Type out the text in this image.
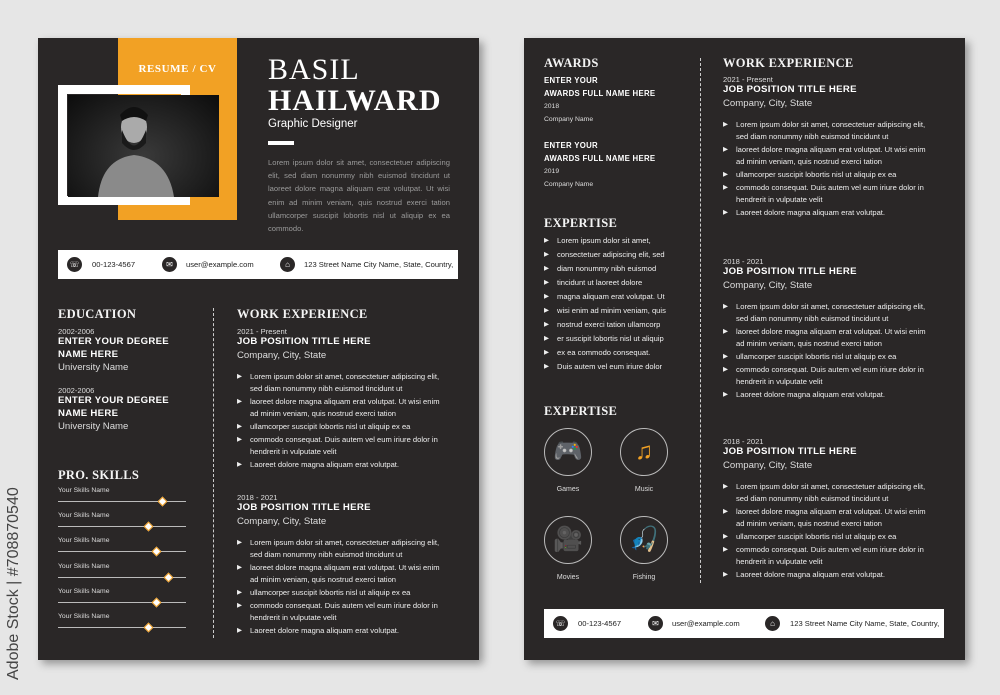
Adobe Stock | #708870540
RESUME / CV	BASIL
HAILWARD
Graphic Designer
Lorem ipsum dolor sit amet, consectetuer adipiscing elit, sed diam nonummy nibh euismod tincidunt ut laoreet dolore magna aliquam erat volutpat. Ut wisi enim ad minim veniam, quis nostrud exerci tation ullamcorper suscipit lobortis nisl ut aliquip ex ea commodo.
☏	00-123-4567	✉	user@example.com	⌂	123 Street Name City Name, State, Country,
EDUCATION
2002-2006
ENTER YOUR DEGREE
NAME HERE
University Name
2002-2006
ENTER YOUR DEGREE
NAME HERE
University Name
PRO. SKILLS
Your Skills Name
Your Skills Name
Your Skills Name
Your Skills Name
Your Skills Name
Your Skills Name
WORK EXPERIENCE
2021 - Present
JOB POSITION TITLE HERE
Company, City, State
▶ Lorem ipsum dolor sit amet, consectetuer adipiscing elit, sed diam nonummy nibh euismod tincidunt ut
▶ laoreet dolore magna aliquam erat volutpat. Ut wisi enim ad minim veniam, quis nostrud exerci tation
▶ ullamcorper suscipit lobortis nisl ut aliquip ex ea
▶ commodo consequat. Duis autem vel eum iriure dolor in hendrerit in vulputate velit
▶ Laoreet dolore magna aliquam erat volutpat.
2018 - 2021
JOB POSITION TITLE HERE
Company, City, State
▶ Lorem ipsum dolor sit amet, consectetuer adipiscing elit, sed diam nonummy nibh euismod tincidunt ut
▶ laoreet dolore magna aliquam erat volutpat. Ut wisi enim ad minim veniam, quis nostrud exerci tation
▶ ullamcorper suscipit lobortis nisl ut aliquip ex ea
▶ commodo consequat. Duis autem vel eum iriure dolor in hendrerit in vulputate velit
▶ Laoreet dolore magna aliquam erat volutpat.
AWARDS
ENTER YOUR
AWARDS FULL NAME HERE
2018
Company Name
ENTER YOUR
AWARDS FULL NAME HERE
2019
Company Name
EXPERTISE
▶ Lorem ipsum dolor sit amet,
▶ consectetuer adipiscing elit, sed
▶ diam nonummy nibh euismod
▶ tincidunt ut laoreet dolore
▶ magna aliquam erat volutpat. Ut
▶ wisi enim ad minim veniam, quis
▶ nostrud exerci tation ullamcorp
▶ er suscipit lobortis nisl ut aliquip
▶ ex ea commodo consequat.
▶ Duis autem vel eum iriure dolor
EXPERTISE
🎮
Games
♫
Music
🎥
Movies
🎣
Fishing
WORK EXPERIENCE
2021 - Present
JOB POSITION TITLE HERE
Company, City, State
▶ Lorem ipsum dolor sit amet, consectetuer adipiscing elit, sed diam nonummy nibh euismod tincidunt ut
▶ laoreet dolore magna aliquam erat volutpat. Ut wisi enim ad minim veniam, quis nostrud exerci tation
▶ ullamcorper suscipit lobortis nisl ut aliquip ex ea
▶ commodo consequat. Duis autem vel eum iriure dolor in hendrerit in vulputate velit
▶ Laoreet dolore magna aliquam erat volutpat.
2018 - 2021
JOB POSITION TITLE HERE
Company, City, State
▶ Lorem ipsum dolor sit amet, consectetuer adipiscing elit, sed diam nonummy nibh euismod tincidunt ut
▶ laoreet dolore magna aliquam erat volutpat. Ut wisi enim ad minim veniam, quis nostrud exerci tation
▶ ullamcorper suscipit lobortis nisl ut aliquip ex ea
▶ commodo consequat. Duis autem vel eum iriure dolor in hendrerit in vulputate velit
▶ Laoreet dolore magna aliquam erat volutpat.
2018 - 2021
JOB POSITION TITLE HERE
Company, City, State
▶ Lorem ipsum dolor sit amet, consectetuer adipiscing elit, sed diam nonummy nibh euismod tincidunt ut
▶ laoreet dolore magna aliquam erat volutpat. Ut wisi enim ad minim veniam, quis nostrud exerci tation
▶ ullamcorper suscipit lobortis nisl ut aliquip ex ea
▶ commodo consequat. Duis autem vel eum iriure dolor in hendrerit in vulputate velit
▶ Laoreet dolore magna aliquam erat volutpat.
☏	00-123-4567	✉	user@example.com	⌂	123 Street Name City Name, State, Country,
